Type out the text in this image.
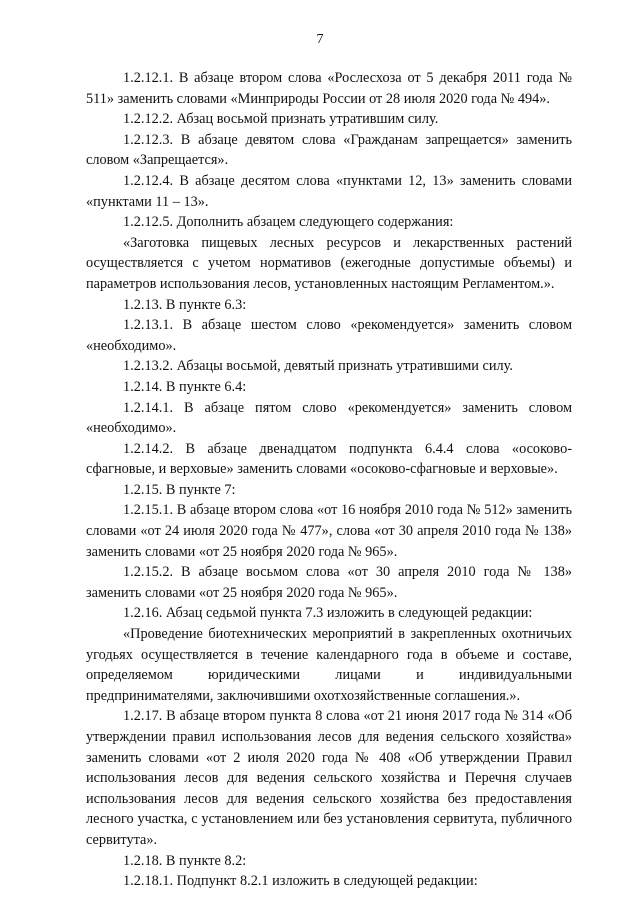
7

1.2.12.1. В абзаце втором слова «Рослесхоза от 5 декабря 2011 года № 511» заменить словами «Минприроды России от 28 июля 2020 года № 494».

1.2.12.2. Абзац восьмой признать утратившим силу.

1.2.12.3. В абзаце девятом слова «Гражданам запрещается» заменить словом «Запрещается».

1.2.12.4. В абзаце десятом слова «пунктами 12, 13» заменить словами «пунктами 11 – 13».

1.2.12.5. Дополнить абзацем следующего содержания:

«Заготовка пищевых лесных ресурсов и лекарственных растений осуществляется с учетом нормативов (ежегодные допустимые объемы) и параметров использования лесов, установленных настоящим Регламентом.».

1.2.13. В пункте 6.3:

1.2.13.1. В абзаце шестом слово «рекомендуется» заменить словом «необходимо».

1.2.13.2. Абзацы восьмой, девятый признать утратившими силу.

1.2.14. В пункте 6.4:

1.2.14.1. В абзаце пятом слово «рекомендуется» заменить словом «необходимо».

1.2.14.2. В абзаце двенадцатом подпункта 6.4.4 слова «осоково-сфагновые, и верховые» заменить словами «осоково-сфагновые и верховые».

1.2.15. В пункте 7:

1.2.15.1. В абзаце втором слова «от 16 ноября 2010 года № 512» заменить словами «от 24 июля 2020 года № 477», слова «от 30 апреля 2010 года № 138» заменить словами «от 25 ноября 2020 года № 965».

1.2.15.2. В абзаце восьмом слова «от 30 апреля 2010 года № 138» заменить словами «от 25 ноября 2020 года № 965».

1.2.16. Абзац седьмой пункта 7.3 изложить в следующей редакции:

«Проведение биотехнических мероприятий в закрепленных охотничьих угодьях осуществляется в течение календарного года в объеме и составе, определяемом юридическими лицами и индивидуальными предпринимателями, заключившими охотхозяйственные соглашения.».

1.2.17. В абзаце втором пункта 8 слова «от 21 июня 2017 года № 314 «Об утверждении правил использования лесов для ведения сельского хозяйства» заменить словами «от 2 июля 2020 года № 408 «Об утверждении Правил использования лесов для ведения сельского хозяйства и Перечня случаев использования лесов для ведения сельского хозяйства без предоставления лесного участка, с установлением или без установления сервитута, публичного сервитута».

1.2.18. В пункте 8.2:

1.2.18.1. Подпункт 8.2.1 изложить в следующей редакции:
